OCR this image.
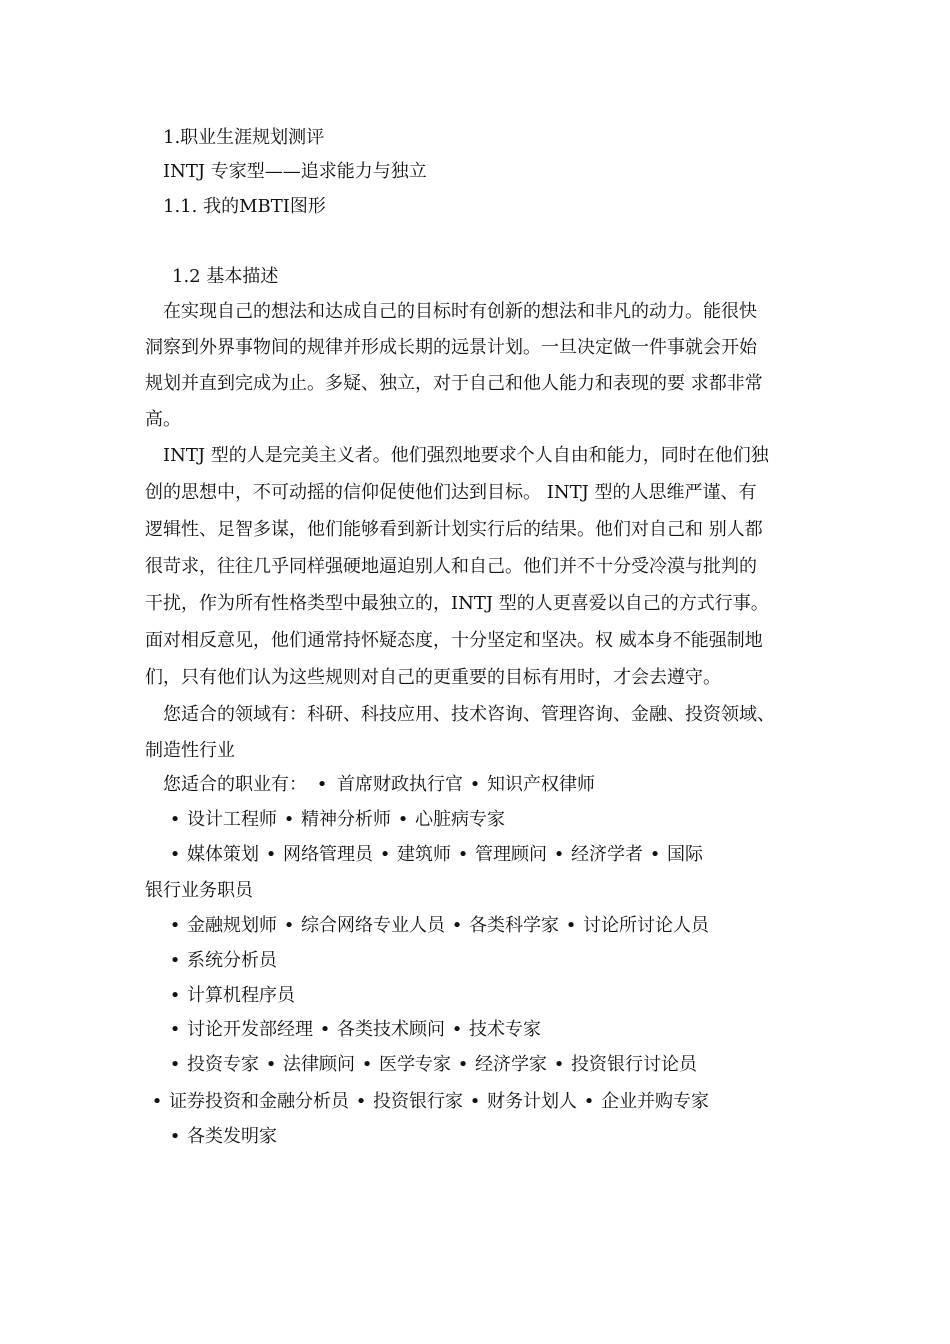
1.职业生涯规划测评
INTJ 专家型——追求能力与独立
1.1. 我的MBTI图形
1.2 基本描述
在实现自己的想法和达成自己的目标时有创新的想法和非凡的动力。能很快
洞察到外界事物间的规律并形成长期的远景计划。一旦决定做一件事就会开始
规划并直到完成为止。多疑、独立，对于自己和他人能力和表现的要 求都非常
高。
INTJ 型的人是完美主义者。他们强烈地要求个人自由和能力，同时在他们独
创的思想中，不可动摇的信仰促使他们达到目标。 INTJ 型的人思维严谨、有
逻辑性、足智多谋，他们能够看到新计划实行后的结果。他们对自己和 别人都
很苛求，往往几乎同样强硬地逼迫别人和自己。他们并不十分受冷漠与批判的
干扰，作为所有性格类型中最独立的，INTJ 型的人更喜爱以自己的方式行事。
面对相反意见，他们通常持怀疑态度，十分坚定和坚决。权 威本身不能强制地
们，只有他们认为这些规则对自己的更重要的目标有用时，才会去遵守。
您适合的领域有：科研、科技应用、技术咨询、管理咨询、金融、投资领域、
制造性行业
您适合的职业有： • 首席财政执行官 • 知识产权律师
• 设计工程师 • 精神分析师 • 心脏病专家
• 媒体策划 • 网络管理员 • 建筑师 • 管理顾问 • 经济学者 • 国际
银行业务职员
• 金融规划师 • 综合网络专业人员 • 各类科学家 • 讨论所讨论人员
• 系统分析员
• 计算机程序员
• 讨论开发部经理 • 各类技术顾问 • 技术专家
• 投资专家 • 法律顾问 • 医学专家 • 经济学家 • 投资银行讨论员
• 证券投资和金融分析员 • 投资银行家 • 财务计划人 • 企业并购专家
• 各类发明家
